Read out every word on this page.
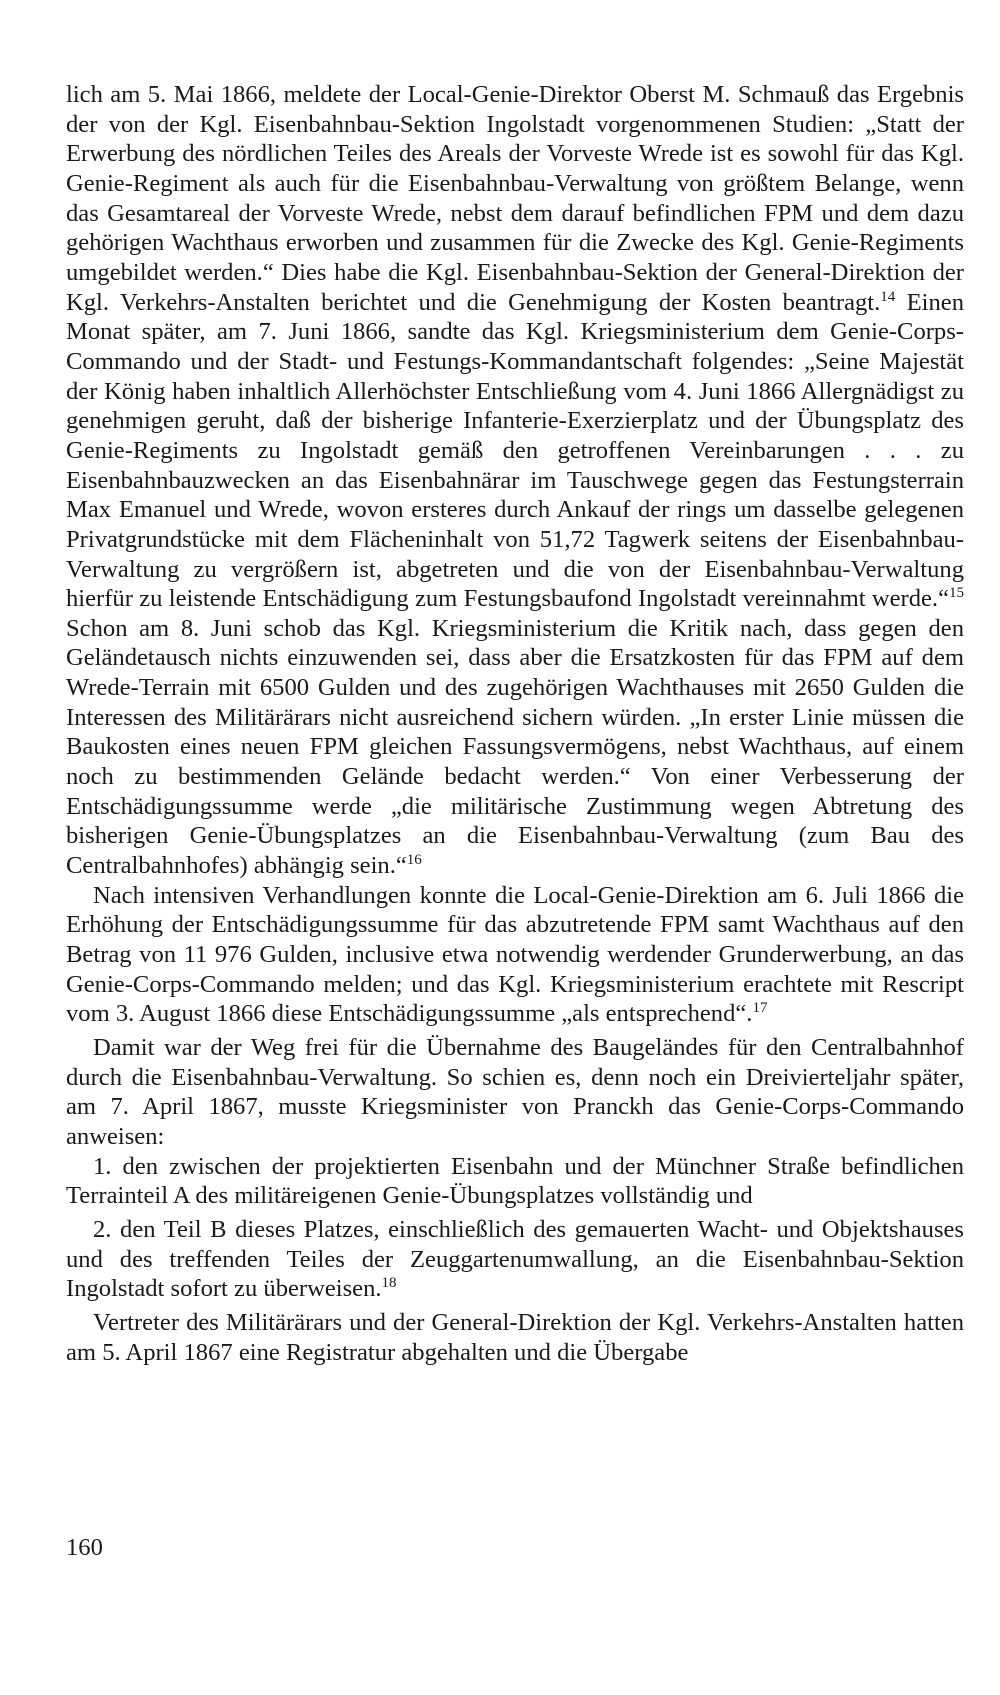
lich am 5. Mai 1866, meldete der Local-Genie-Direktor Oberst M. Schmauß das Ergebnis der von der Kgl. Eisenbahnbau-Sektion Ingolstadt vorgenommenen Studien: „Statt der Erwerbung des nördlichen Teiles des Areals der Vorveste Wrede ist es sowohl für das Kgl. Genie-Regiment als auch für die Eisenbahnbau-Verwaltung von größtem Belange, wenn das Gesamtareal der Vorveste Wrede, nebst dem darauf befindlichen FPM und dem dazu gehörigen Wachthaus erworben und zusammen für die Zwecke des Kgl. Genie-Regiments umgebildet werden.“ Dies habe die Kgl. Eisenbahnbau-Sektion der General-Direktion der Kgl. Verkehrs-Anstalten berichtet und die Genehmigung der Kosten beantragt.$^{14}$ Einen Monat später, am 7. Juni 1866, sandte das Kgl. Kriegsministerium dem Genie-Corps-Commando und der Stadt- und Festungs-Kommandantschaft folgendes: „Seine Majestät der König haben inhaltlich Allerhöchster Entschließung vom 4. Juni 1866 Allergnädigst zu genehmigen geruht, daß der bisherige Infanterie-Exerzierplatz und der Übungsplatz des Genie-Regiments zu Ingolstadt gemäß den getroffenen Vereinbarungen . . . zu Eisenbahnbauzwecken an das Eisenbahnärar im Tauschwege gegen das Festungsterrain Max Emanuel und Wrede, wovon ersteres durch Ankauf der rings um dasselbe gelegenen Privatgrundstücke mit dem Flächeninhalt von 51,72 Tagwerk seitens der Eisenbahnbau-Verwaltung zu vergrößern ist, abgetreten und die von der Eisenbahnbau-Verwaltung hierfür zu leistende Entschädigung zum Festungsbaufond Ingolstadt vereinnahmt werde.“$^{15}$ Schon am 8. Juni schob das Kgl. Kriegsministerium die Kritik nach, dass gegen den Geländetausch nichts einzuwenden sei, dass aber die Ersatzkosten für das FPM auf dem Wrede-Terrain mit 6500 Gulden und des zugehörigen Wachthauses mit 2650 Gulden die Interessen des Militärärars nicht ausreichend sichern würden. „In erster Linie müssen die Baukosten eines neuen FPM gleichen Fassungsvermögens, nebst Wachthaus, auf einem noch zu bestimmenden Gelände bedacht werden.“ Von einer Verbesserung der Entschädigungssumme werde „die militärische Zustimmung wegen Abtretung des bisherigen Genie-Übungsplatzes an die Eisenbahnbau-Verwaltung (zum Bau des Centralbahnhofes) abhängig sein.“$^{16}$

Nach intensiven Verhandlungen konnte die Local-Genie-Direktion am 6. Juli 1866 die Erhöhung der Entschädigungssumme für das abzutretende FPM samt Wachthaus auf den Betrag von 11 976 Gulden, inclusive etwa notwendig werdender Grunderwerbung, an das Genie-Corps-Commando melden; und das Kgl. Kriegsministerium erachtete mit Rescript vom 3. August 1866 diese Entschädigungssumme „als entsprechend“.$^{17}$

Damit war der Weg frei für die Übernahme des Baugeländes für den Centralbahnhof durch die Eisenbahnbau-Verwaltung. So schien es, denn noch ein Dreivierteljahr später, am 7. April 1867, musste Kriegsminister von Pranckh das Genie-Corps-Commando anweisen:

1. den zwischen der projektierten Eisenbahn und der Münchner Straße befindlichen Terrainteil A des militäreigenen Genie-Übungsplatzes vollständig und

2. den Teil B dieses Platzes, einschließlich des gemauerten Wacht- und Objektshauses und des treffenden Teiles der Zeuggartenumwallung, an die Eisenbahnbau-Sektion Ingolstadt sofort zu überweisen.$^{18}$

Vertreter des Militärärars und der General-Direktion der Kgl. Verkehrs-Anstalten hatten am 5. April 1867 eine Registratur abgehalten und die Übergabe

160
